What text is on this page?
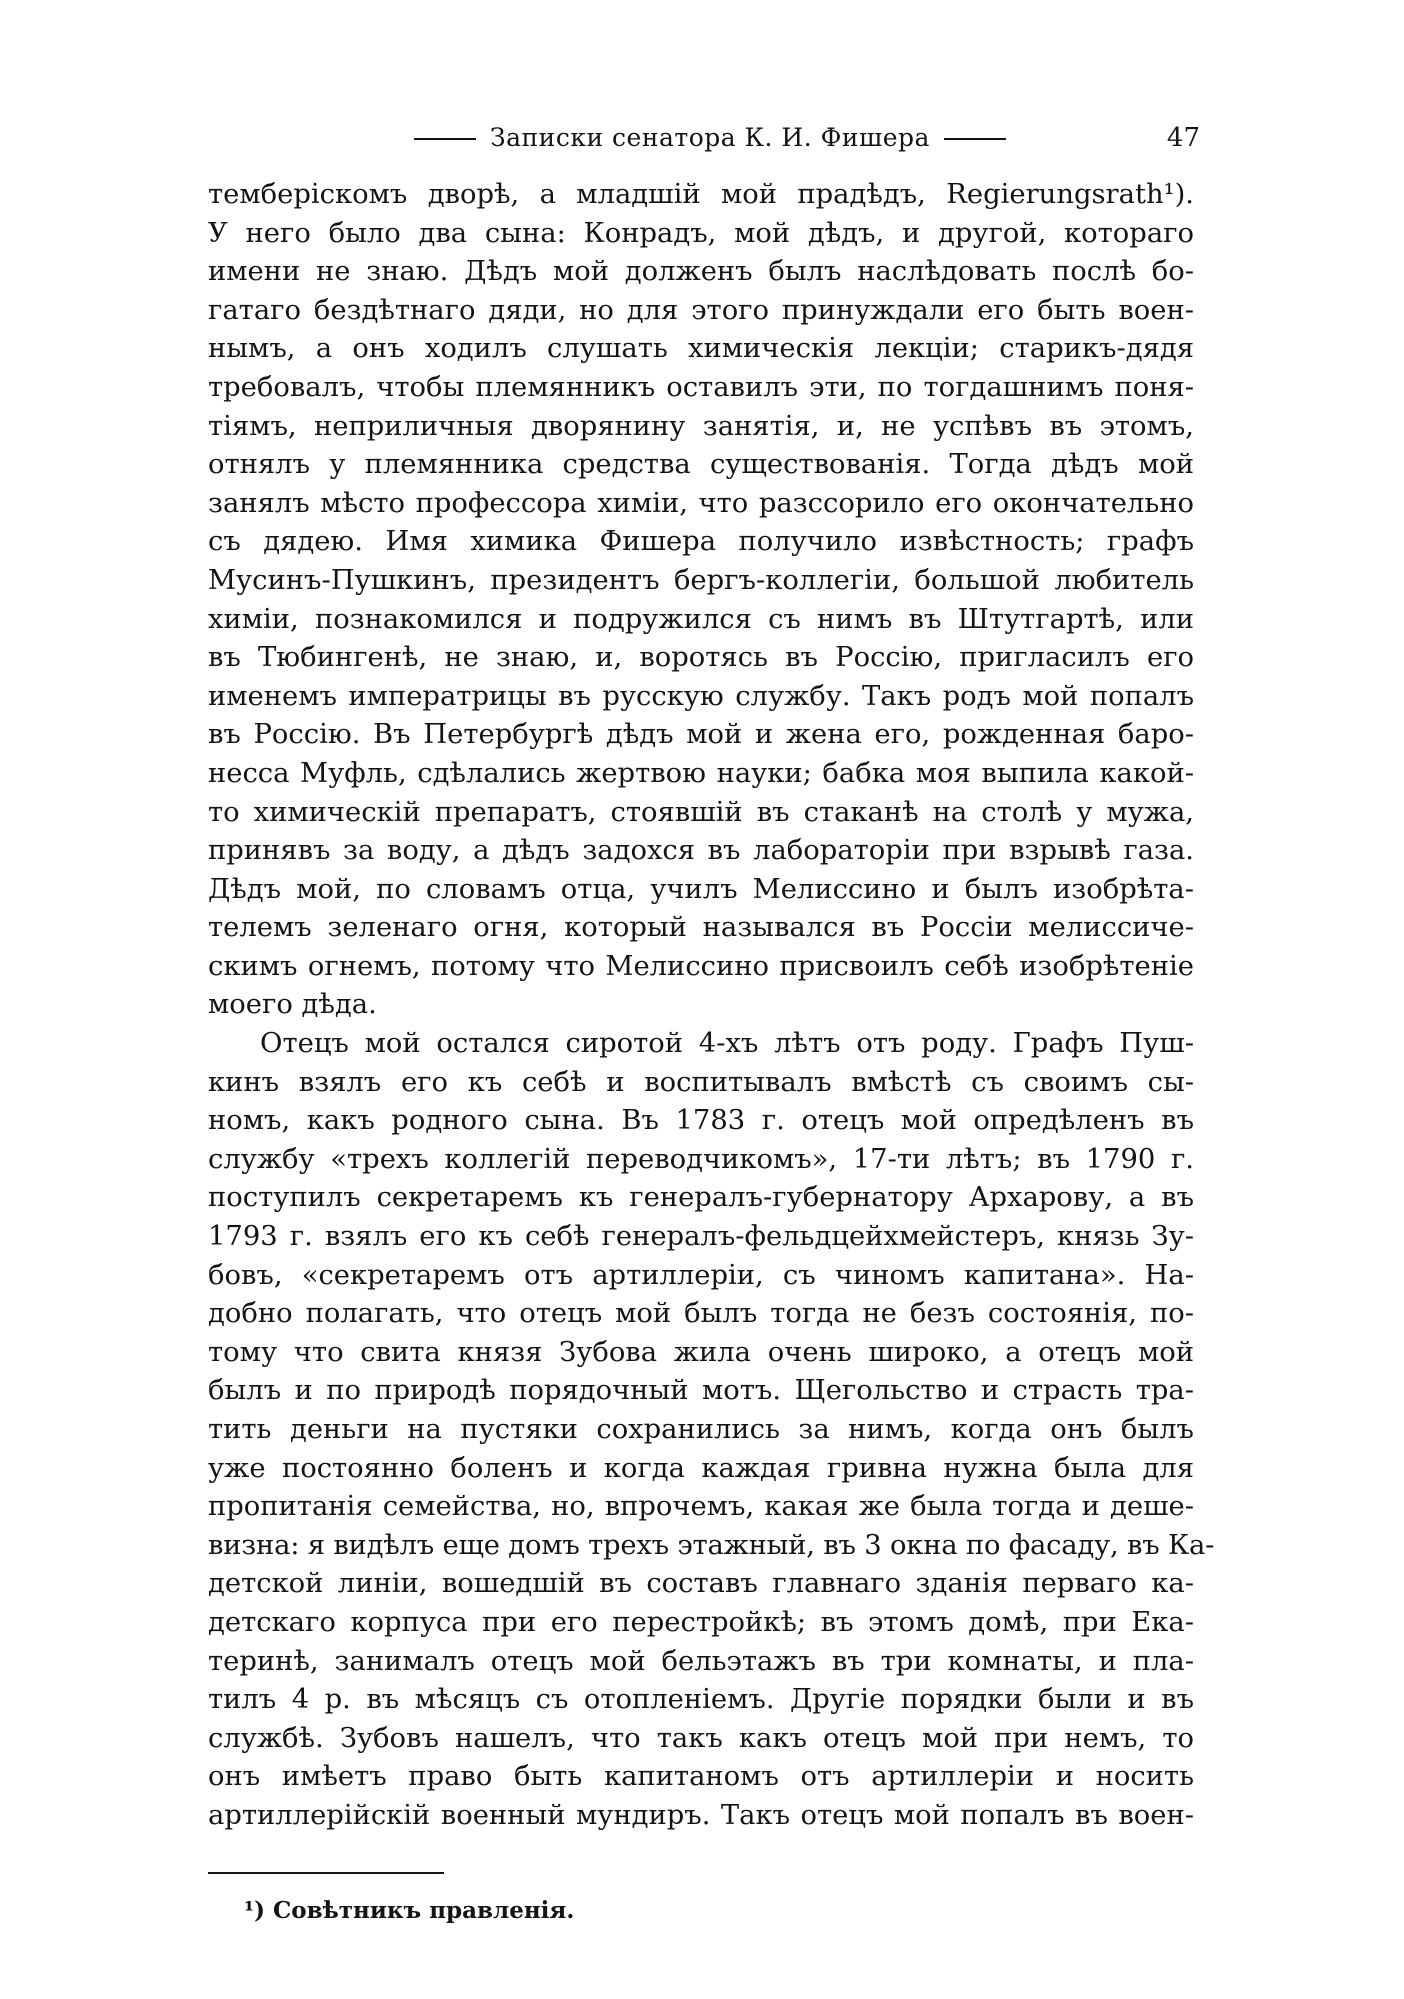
Записки сенатора К. И. Фишера	47
темберіскомъ дворѣ, а младшій мой прадѣдъ, Regierungsrath¹).
У него было два сына: Конрадъ, мой дѣдъ, и другой, котораго
имени не знаю. Дѣдъ мой долженъ былъ наслѣдовать послѣ бо-
гатаго бездѣтнаго дяди, но для этого принуждали его быть воен-
нымъ, а онъ ходилъ слушать химическія лекціи; старикъ-дядя
требовалъ, чтобы племянникъ оставилъ эти, по тогдашнимъ поня-
тіямъ, неприличныя дворянину занятія, и, не успѣвъ въ этомъ,
отнялъ у племянника средства существованія. Тогда дѣдъ мой
занялъ мѣсто профессора химіи, что разссорило его окончательно
съ дядею. Имя химика Фишера получило извѣстность; графъ
Мусинъ-Пушкинъ, президентъ бергъ-коллегіи, большой любитель
химіи, познакомился и подружился съ нимъ въ Штутгартѣ, или
въ Тюбингенѣ, не знаю, и, воротясь въ Россію, пригласилъ его
именемъ императрицы въ русскую службу. Такъ родъ мой попалъ
въ Россію. Въ Петербургѣ дѣдъ мой и жена его, рожденная баро-
несса Муфль, сдѣлались жертвою науки; бабка моя выпила какой-
то химическій препаратъ, стоявшій въ стаканѣ на столѣ у мужа,
принявъ за воду, а дѣдъ задохся въ лабораторіи при взрывѣ газа.
Дѣдъ мой, по словамъ отца, училъ Мелиссино и былъ изобрѣта-
телемъ зеленаго огня, который назывался въ Россіи мелиссиче-
скимъ огнемъ, потому что Мелиссино присвоилъ себѣ изобрѣтеніе
моего дѣда.
Отецъ мой остался сиротой 4-хъ лѣтъ отъ роду. Графъ Пуш-
кинъ взялъ его къ себѣ и воспитывалъ вмѣстѣ съ своимъ сы-
номъ, какъ родного сына. Въ 1783 г. отецъ мой опредѣленъ въ
службу «трехъ коллегій переводчикомъ», 17-ти лѣтъ; въ 1790 г.
поступилъ секретаремъ къ генералъ-губернатору Архарову, а въ
1793 г. взялъ его къ себѣ генералъ-фельдцейхмейстеръ, князь Зу-
бовъ, «секретаремъ отъ артиллеріи, съ чиномъ капитана». На-
добно полагать, что отецъ мой былъ тогда не безъ состоянія, по-
тому что свита князя Зубова жила очень широко, а отецъ мой
былъ и по природѣ порядочный мотъ. Щегольство и страсть тра-
тить деньги на пустяки сохранились за нимъ, когда онъ былъ
уже постоянно боленъ и когда каждая гривна нужна была для
пропитанія семейства, но, впрочемъ, какая же была тогда и деше-
визна: я видѣлъ еще домъ трехъ этажный, въ 3 окна по фасаду, въ Ка-
детской линіи, вошедшій въ составъ главнаго зданія перваго ка-
детскаго корпуса при его перестройкѣ; въ этомъ домѣ, при Ека-
теринѣ, занималъ отецъ мой бельэтажъ въ три комнаты, и пла-
тилъ 4 р. въ мѣсяцъ съ отопленіемъ. Другіе порядки были и въ
службѣ. Зубовъ нашелъ, что такъ какъ отецъ мой при немъ, то
онъ имѣетъ право быть капитаномъ отъ артиллеріи и носить
артиллерійскій военный мундиръ. Такъ отецъ мой попалъ въ воен-
¹) Совѣтникъ правленія.
